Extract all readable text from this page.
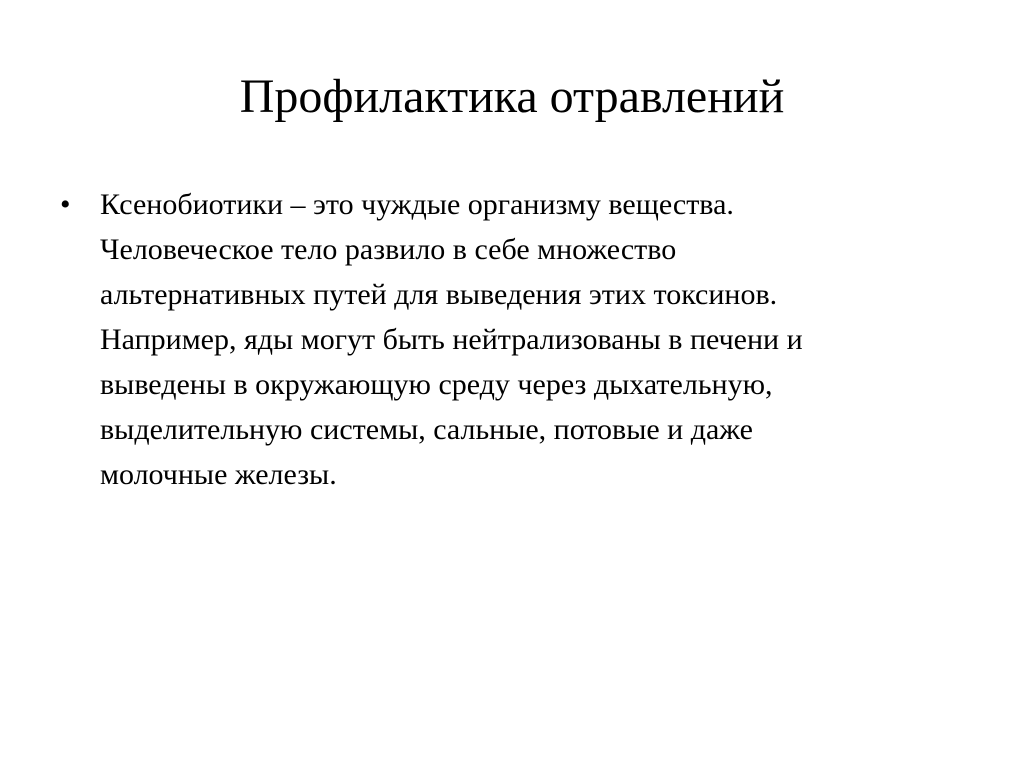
Профилактика отравлений
• Ксенобиотики – это чуждые организму вещества.
Человеческое тело развило в себе множество
альтернативных путей для выведения этих токсинов.
Например, яды могут быть нейтрализованы в печени и
выведены в окружающую среду через дыхательную,
выделительную системы, сальные, потовые и даже
молочные железы.
